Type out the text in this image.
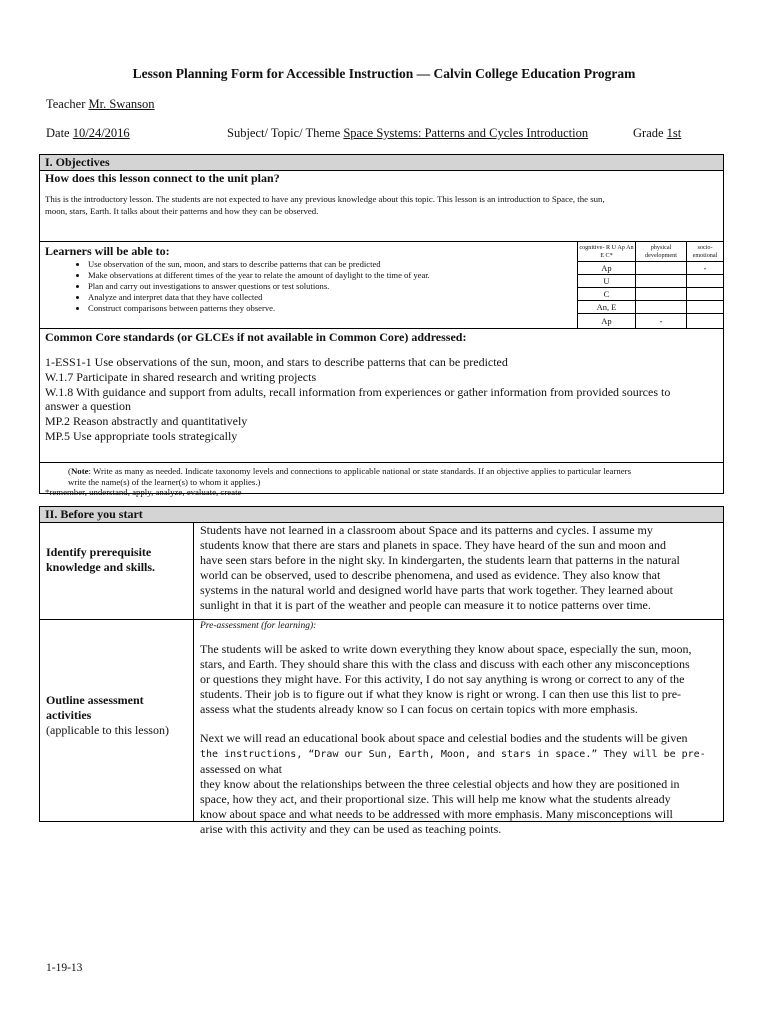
Lesson Planning Form for Accessible Instruction — Calvin College Education Program
Teacher Mr. Swanson
Date 10/24/2016	Subject/ Topic/ Theme Space Systems: Patterns and Cycles Introduction	Grade 1st
I. Objectives
How does this lesson connect to the unit plan?
This is the introductory lesson. The students are not expected to have any previous knowledge about this topic. This lesson is an introduction to Space, the sun,
moon, stars, Earth. It talks about their patterns and how they can be observed.
Learners will be able to:
• Use observation of the sun, moon, and stars to describe patterns that can be predicted
• Make observations at different times of the year to relate the amount of daylight to the time of year.
• Plan and carry out investigations to answer questions or test solutions.
• Analyze and interpret data that they have collected
• Construct comparisons between patterns they observe.
cognitive- R U Ap An E C*	physical development	socio-emotional
Ap		-
U		
C		
An, E		
Ap	-	
Common Core standards (or GLCEs if not available in Common Core) addressed:
1-ESS1-1 Use observations of the sun, moon, and stars to describe patterns that can be predicted
W.1.7 Participate in shared research and writing projects
W.1.8 With guidance and support from adults, recall information from experiences or gather information from provided sources to
answer a question
MP.2 Reason abstractly and quantitatively
MP.5 Use appropriate tools strategically
(Note: Write as many as needed. Indicate taxonomy levels and connections to applicable national or state standards. If an objective applies to particular learners
write the name(s) of the learner(s) to whom it applies.)
*remember, understand, apply, analyze, evaluate, create
II. Before you start
Identify prerequisite
knowledge and skills.
Students have not learned in a classroom about Space and its patterns and cycles. I assume my
students know that there are stars and planets in space. They have heard of the sun and moon and
have seen stars before in the night sky. In kindergarten, the students learn that patterns in the natural
world can be observed, used to describe phenomena, and used as evidence. They also know that
systems in the natural world and designed world have parts that work together. They learned about
sunlight in that it is part of the weather and people can measure it to notice patterns over time.
Outline assessment
activities
(applicable to this lesson)
Pre-assessment (for learning):
The students will be asked to write down everything they know about space, especially the sun, moon,
stars, and Earth. They should share this with the class and discuss with each other any misconceptions
or questions they might have. For this activity, I do not say anything is wrong or correct to any of the
students. Their job is to figure out if what they know is right or wrong. I can then use this list to pre-
assess what the students already know so I can focus on certain topics with more emphasis.
Next we will read an educational book about space and celestial bodies and the students will be given
the instructions, “Draw our Sun, Earth, Moon, and stars in space.” They will be pre-assessed on what
they know about the relationships between the three celestial objects and how they are positioned in
space, how they act, and their proportional size. This will help me know what the students already
know about space and what needs to be addressed with more emphasis. Many misconceptions will
arise with this activity and they can be used as teaching points.
1-19-13
